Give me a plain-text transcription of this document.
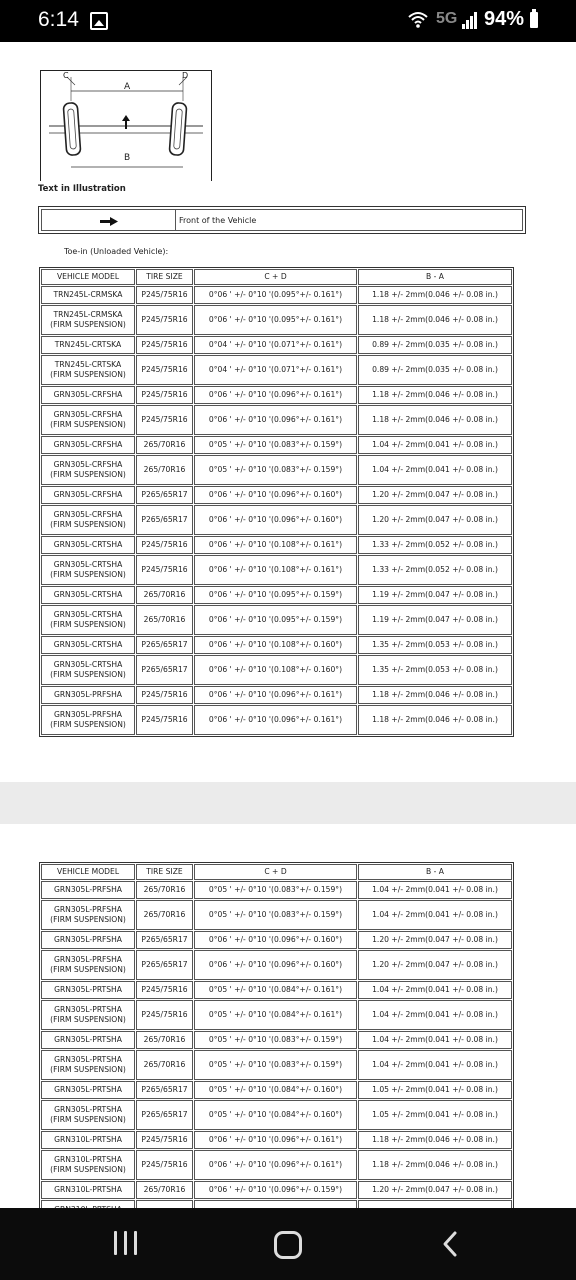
6:14	5G 94%
A
B
C	D
Text in Illustration
Front of the Vehicle
Toe-in (Unloaded Vehicle):
VEHICLE MODEL	TIRE SIZE	C + D	B - A

TRN245L-CRMSKA	P245/75R16	0°06 ' +/- 0°10 '(0.095°+/- 0.161°)	1.18 +/- 2mm(0.046 +/- 0.08 in.)

TRN245L-CRMSKA
(FIRM SUSPENSION)	P245/75R16	0°06 ' +/- 0°10 '(0.095°+/- 0.161°)	1.18 +/- 2mm(0.046 +/- 0.08 in.)

TRN245L-CRTSKA	P245/75R16	0°04 ' +/- 0°10 '(0.071°+/- 0.161°)	0.89 +/- 2mm(0.035 +/- 0.08 in.)

TRN245L-CRTSKA
(FIRM SUSPENSION)	P245/75R16	0°04 ' +/- 0°10 '(0.071°+/- 0.161°)	0.89 +/- 2mm(0.035 +/- 0.08 in.)

GRN305L-CRFSHA	P245/75R16	0°06 ' +/- 0°10 '(0.096°+/- 0.161°)	1.18 +/- 2mm(0.046 +/- 0.08 in.)

GRN305L-CRFSHA
(FIRM SUSPENSION)	P245/75R16	0°06 ' +/- 0°10 '(0.096°+/- 0.161°)	1.18 +/- 2mm(0.046 +/- 0.08 in.)

GRN305L-CRFSHA	265/70R16	0°05 ' +/- 0°10 '(0.083°+/- 0.159°)	1.04 +/- 2mm(0.041 +/- 0.08 in.)

GRN305L-CRFSHA
(FIRM SUSPENSION)	265/70R16	0°05 ' +/- 0°10 '(0.083°+/- 0.159°)	1.04 +/- 2mm(0.041 +/- 0.08 in.)

GRN305L-CRFSHA	P265/65R17	0°06 ' +/- 0°10 '(0.096°+/- 0.160°)	1.20 +/- 2mm(0.047 +/- 0.08 in.)

GRN305L-CRFSHA
(FIRM SUSPENSION)	P265/65R17	0°06 ' +/- 0°10 '(0.096°+/- 0.160°)	1.20 +/- 2mm(0.047 +/- 0.08 in.)

GRN305L-CRTSHA	P245/75R16	0°06 ' +/- 0°10 '(0.108°+/- 0.161°)	1.33 +/- 2mm(0.052 +/- 0.08 in.)

GRN305L-CRTSHA
(FIRM SUSPENSION)	P245/75R16	0°06 ' +/- 0°10 '(0.108°+/- 0.161°)	1.33 +/- 2mm(0.052 +/- 0.08 in.)

GRN305L-CRTSHA	265/70R16	0°06 ' +/- 0°10 '(0.095°+/- 0.159°)	1.19 +/- 2mm(0.047 +/- 0.08 in.)

GRN305L-CRTSHA
(FIRM SUSPENSION)	265/70R16	0°06 ' +/- 0°10 '(0.095°+/- 0.159°)	1.19 +/- 2mm(0.047 +/- 0.08 in.)

GRN305L-CRTSHA	P265/65R17	0°06 ' +/- 0°10 '(0.108°+/- 0.160°)	1.35 +/- 2mm(0.053 +/- 0.08 in.)

GRN305L-CRTSHA
(FIRM SUSPENSION)	P265/65R17	0°06 ' +/- 0°10 '(0.108°+/- 0.160°)	1.35 +/- 2mm(0.053 +/- 0.08 in.)

GRN305L-PRFSHA	P245/75R16	0°06 ' +/- 0°10 '(0.096°+/- 0.161°)	1.18 +/- 2mm(0.046 +/- 0.08 in.)

GRN305L-PRFSHA
(FIRM SUSPENSION)	P245/75R16	0°06 ' +/- 0°10 '(0.096°+/- 0.161°)	1.18 +/- 2mm(0.046 +/- 0.08 in.)
VEHICLE MODEL	TIRE SIZE	C + D	B - A

GRN305L-PRFSHA	265/70R16	0°05 ' +/- 0°10 '(0.083°+/- 0.159°)	1.04 +/- 2mm(0.041 +/- 0.08 in.)

GRN305L-PRFSHA
(FIRM SUSPENSION)	265/70R16	0°05 ' +/- 0°10 '(0.083°+/- 0.159°)	1.04 +/- 2mm(0.041 +/- 0.08 in.)

GRN305L-PRFSHA	P265/65R17	0°06 ' +/- 0°10 '(0.096°+/- 0.160°)	1.20 +/- 2mm(0.047 +/- 0.08 in.)

GRN305L-PRFSHA
(FIRM SUSPENSION)	P265/65R17	0°06 ' +/- 0°10 '(0.096°+/- 0.160°)	1.20 +/- 2mm(0.047 +/- 0.08 in.)

GRN305L-PRTSHA	P245/75R16	0°05 ' +/- 0°10 '(0.084°+/- 0.161°)	1.04 +/- 2mm(0.041 +/- 0.08 in.)

GRN305L-PRTSHA
(FIRM SUSPENSION)	P245/75R16	0°05 ' +/- 0°10 '(0.084°+/- 0.161°)	1.04 +/- 2mm(0.041 +/- 0.08 in.)

GRN305L-PRTSHA	265/70R16	0°05 ' +/- 0°10 '(0.083°+/- 0.159°)	1.04 +/- 2mm(0.041 +/- 0.08 in.)

GRN305L-PRTSHA
(FIRM SUSPENSION)	265/70R16	0°05 ' +/- 0°10 '(0.083°+/- 0.159°)	1.04 +/- 2mm(0.041 +/- 0.08 in.)

GRN305L-PRTSHA	P265/65R17	0°05 ' +/- 0°10 '(0.084°+/- 0.160°)	1.05 +/- 2mm(0.041 +/- 0.08 in.)

GRN305L-PRTSHA
(FIRM SUSPENSION)	P265/65R17	0°05 ' +/- 0°10 '(0.084°+/- 0.160°)	1.05 +/- 2mm(0.041 +/- 0.08 in.)

GRN310L-PRTSHA	P245/75R16	0°06 ' +/- 0°10 '(0.096°+/- 0.161°)	1.18 +/- 2mm(0.046 +/- 0.08 in.)

GRN310L-PRTSHA
(FIRM SUSPENSION)	P245/75R16	0°06 ' +/- 0°10 '(0.096°+/- 0.161°)	1.18 +/- 2mm(0.046 +/- 0.08 in.)

GRN310L-PRTSHA	265/70R16	0°06 ' +/- 0°10 '(0.096°+/- 0.159°)	1.20 +/- 2mm(0.047 +/- 0.08 in.)
